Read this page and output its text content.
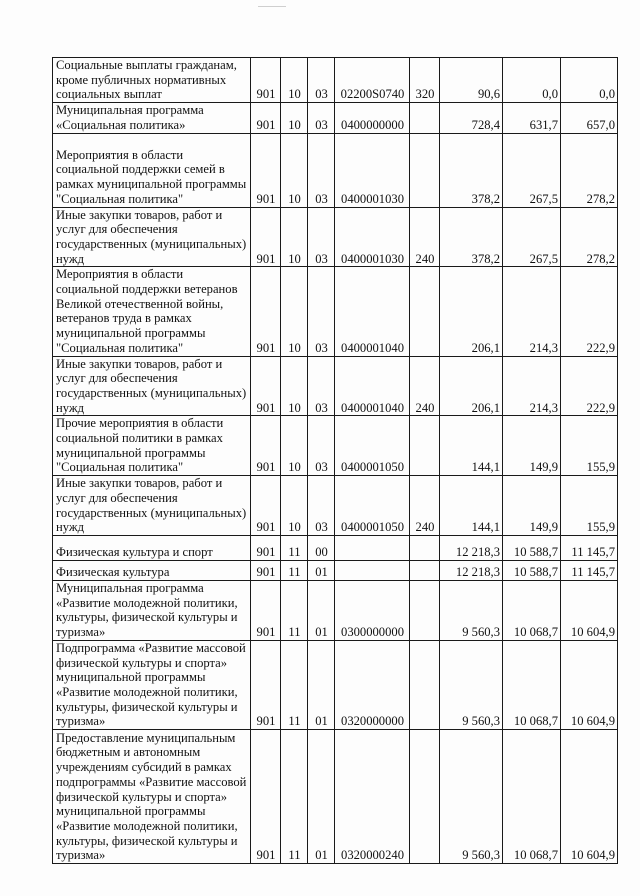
Социальные выплаты гражданам, кроме публичных нормативных социальных выплат	901	10	03	02200S0740	320	90,6	0,0	0,0
Муниципальная программа «Социальная политика»	901	10	03	0400000000		728,4	631,7	657,0
Мероприятия в области социальной поддержки семей в рамках муниципальной программы "Социальная политика"	901	10	03	0400001030		378,2	267,5	278,2
Иные закупки товаров, работ и услуг для обеспечения государственных (муниципальных) нужд	901	10	03	0400001030	240	378,2	267,5	278,2
Мероприятия в области социальной поддержки ветеранов Великой отечественной войны, ветеранов труда в рамках муниципальной программы "Социальная политика"	901	10	03	0400001040		206,1	214,3	222,9
Иные закупки товаров, работ и услуг для обеспечения государственных (муниципальных) нужд	901	10	03	0400001040	240	206,1	214,3	222,9
Прочие мероприятия в области социальной политики в рамках муниципальной программы "Социальная политика"	901	10	03	0400001050		144,1	149,9	155,9
Иные закупки товаров, работ и услуг для обеспечения государственных (муниципальных) нужд	901	10	03	0400001050	240	144,1	149,9	155,9
Физическая культура и спорт	901	11	00			12 218,3	10 588,7	11 145,7
Физическая культура	901	11	01			12 218,3	10 588,7	11 145,7
Муниципальная программа «Развитие молодежной политики, культуры, физической культуры и туризма»	901	11	01	0300000000		9 560,3	10 068,7	10 604,9
Подпрограмма «Развитие массовой физической культуры и спорта» муниципальной программы «Развитие молодежной политики, культуры, физической культуры и туризма»	901	11	01	0320000000		9 560,3	10 068,7	10 604,9
Предоставление муниципальным бюджетным и автономным учреждениям субсидий в рамках подпрограммы «Развитие массовой физической культуры и спорта» муниципальной программы «Развитие молодежной политики, культуры, физической культуры и туризма»	901	11	01	0320000240		9 560,3	10 068,7	10 604,9
